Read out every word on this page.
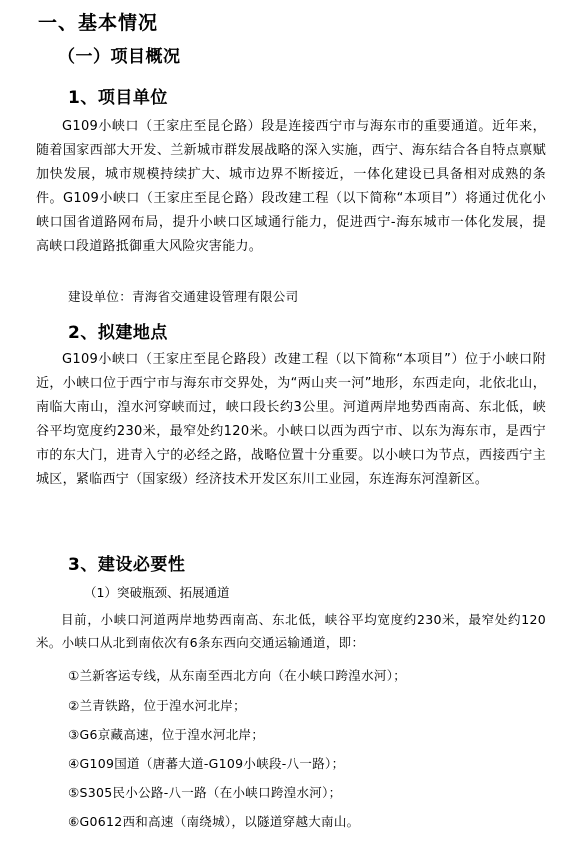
一、基本情况
（一）项目概况
1、项目单位

G109小峡口（王家庄至昆仑路）段是连接西宁市与海东市的重要通道。近年来，随着国家西部大开发、兰新城市群发展战略的深入实施，西宁、海东结合各自特点禀赋加快发展，城市规模持续扩大、城市边界不断接近，一体化建设已具备相对成熟的条件。G109小峡口（王家庄至昆仑路）段改建工程（以下简称“本项目”）将通过优化小峡口国省道路网布局，提升小峡口区域通行能力，促进西宁-海东城市一体化发展，提高峡口段道路抵御重大风险灾害能力。

建设单位：青海省交通建设管理有限公司
2、拟建地点

G109小峡口（王家庄至昆仑路段）改建工程（以下简称“本项目”）位于小峡口附近，小峡口位于西宁市与海东市交界处，为“两山夹一河”地形，东西走向，北依北山，南临大南山，湟水河穿峡而过，峡口段长约3公里。河道两岸地势西南高、东北低，峡谷平均宽度约230米，最窄处约120米。小峡口以西为西宁市、以东为海东市，是西宁市的东大门，进青入宁的必经之路，战略位置十分重要。以小峡口为节点，西接西宁主城区，紧临西宁（国家级）经济技术开发区东川工业园，东连海东河湟新区。

3、建设必要性
（1）突破瓶颈、拓展通道

目前，小峡口河道两岸地势西南高、东北低，峡谷平均宽度约230米，最窄处约120米。小峡口从北到南依次有6条东西向交通运输通道，即：

①兰新客运专线，从东南至西北方向（在小峡口跨湟水河）；
②兰青铁路，位于湟水河北岸；
③G6京藏高速，位于湟水河北岸；
④G109国道（唐蕃大道-G109小峡段-八一路）；
⑤S305民小公路-八一路（在小峡口跨湟水河）；
⑥G0612西和高速（南绕城），以隧道穿越大南山。
